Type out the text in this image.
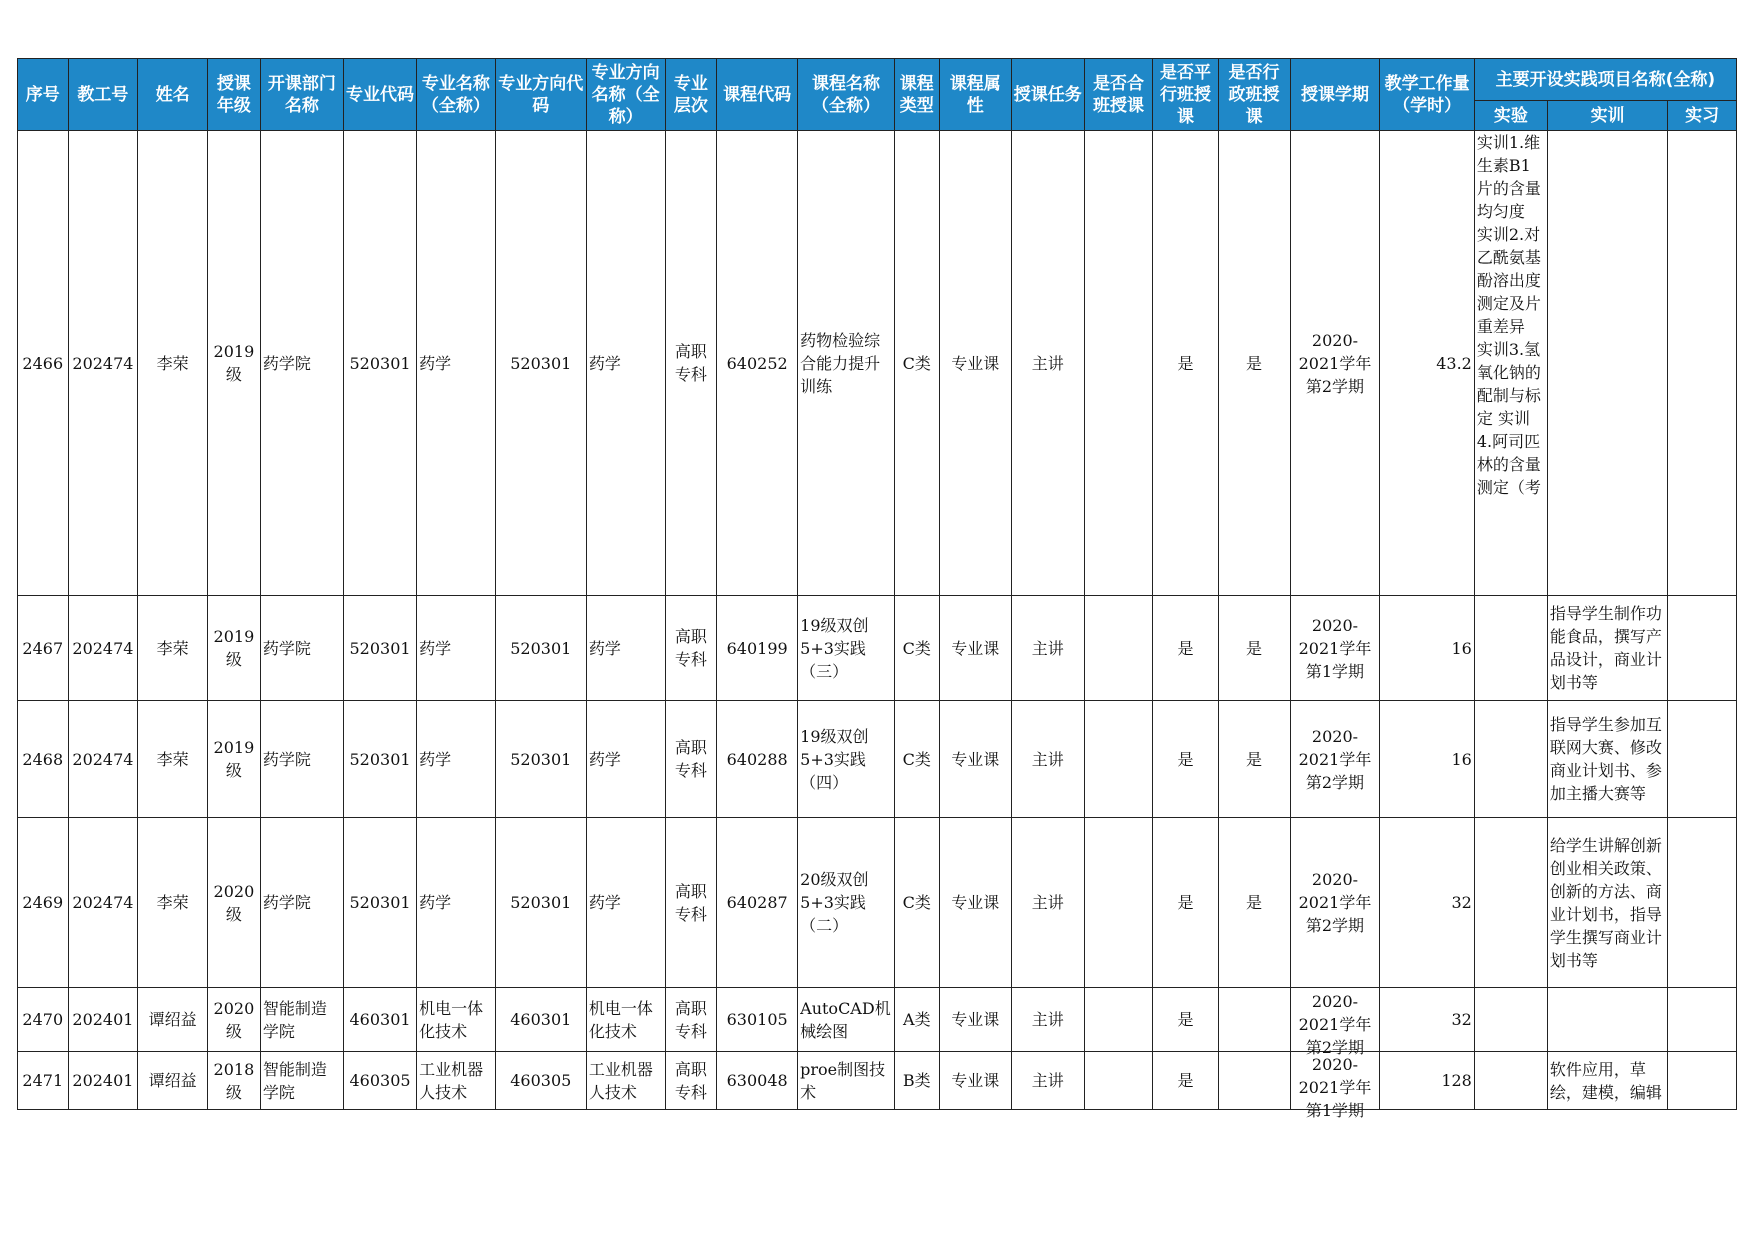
序号	教工号	姓名	授课年级	开课部门名称	专业代码	专业名称（全称）	专业方向代码	专业方向名称（全称）	专业层次	课程代码	课程名称（全称）	课程类型	课程属性	授课任务	是否合班授课	是否平行班授课	是否行政班授课	授课学期	教学工作量（学时）	主要开设实践项目名称(全称)		
																				实验	实训	实习
2466	202474	李荣	2019级	药学院	520301	药学	520301	药学	高职专科	640252	药物检验综合能力提升训练	C类	专业课	主讲		是	是	2020-2021学年第2学期	43.2	实训1.维生素B1片的含量均匀度 实训2.对乙酰氨基酚溶出度测定及片重差异 实训3.氢氧化钠的配制与标定 实训4.阿司匹林的含量测定（考		

2467	202474	李荣	2019级	药学院	520301	药学	520301	药学	高职专科	640199	19级双创5+3实践（三）	C类	专业课	主讲		是	是	2020-2021学年第1学期	16		指导学生制作功能食品，撰写产品设计，商业计划书等	
2468	202474	李荣	2019级	药学院	520301	药学	520301	药学	高职专科	640288	19级双创5+3实践（四）	C类	专业课	主讲		是	是	2020-2021学年第2学期	16		指导学生参加互联网大赛、修改商业计划书、参加主播大赛等	
2469	202474	李荣	2020级	药学院	520301	药学	520301	药学	高职专科	640287	20级双创5+3实践（二）	C类	专业课	主讲		是	是	2020-2021学年第2学期	32		给学生讲解创新创业相关政策、创新的方法、商业计划书，指导学生撰写商业计划书等	
2470	202401	谭绍益	2020级	智能制造学院	460301	机电一体化技术	460301	机电一体化技术	高职专科	630105	AutoCAD机械绘图	A类	专业课	主讲		是		2020-2021学年第2学期	32			
2471	202401	谭绍益	2018级	智能制造学院	460305	工业机器人技术	460305	工业机器人技术	高职专科	630048	proe制图技术	B类	专业课	主讲		是		2020-2021学年第1学期	128		软件应用，草绘，建模，编辑	
